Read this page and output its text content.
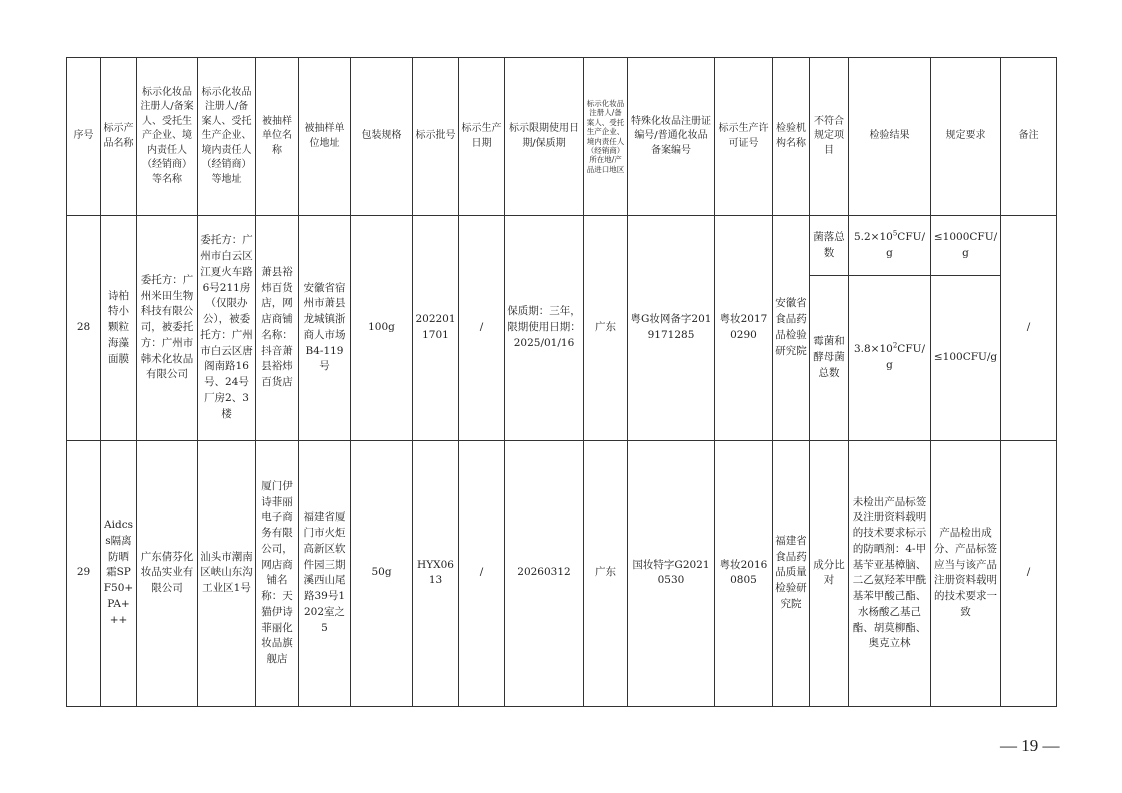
序号	标示产品名称	标示化妆品注册人/备案人、受托生产企业、境内责任人（经销商）等名称	标示化妆品注册人/备案人、受托生产企业、境内责任人（经销商）等地址	被抽样单位名称	被抽样单位地址	包装规格	标示批号	标示生产日期	标示限期使用日期/保质期	标示化妆品注册人/备案人、受托生产企业、境内责任人（经销商）所在地/产品进口地区	特殊化妆品注册证编号/普通化妆品备案编号	标示生产许可证号	检验机构名称	不符合规定项目	检验结果	规定要求	备注
28	诗柏特小颗粒海藻面膜	委托方：广州米田生物科技有限公司，被委托方：广州市韩术化妆品有限公司	委托方：广州市白云区江夏火车路6号211房（仅限办公），被委托方：广州市白云区唐阁南路16号、24号厂房2、3楼	萧县裕炜百货店，网店商铺名称：抖音萧县裕炜百货店	安徽省宿州市萧县龙城镇浙商人市场B4-119号	100g	2022011701	/	保质期：三年，限期使用日期：2025/01/16	广东	粤G妆网备字2019171285	粤妆20170290	安徽省食品药品检验研究院	菌落总数	$5.2\times 10^5CFU/g$	≤1000CFU/g	/
														霉菌和酵母菌总数	$3.8\times 10^2CFU/g$	≤100CFU/g	
29	Aidcss隔离防晒霜SPF50+PA+++	广东倩芬化妆品实业有限公司	汕头市潮南区峡山东沟工业区1号	厦门伊诗菲丽电子商务有限公司，网店商铺名称：天猫伊诗菲丽化妆品旗舰店	福建省厦门市火炬高新区软件园三期溪西山尾路39号1202室之5	50g	HYX0613	/	20260312	广东	国妆特字G20210530	粤妆20160805	福建省食品药品质量检验研究院	成分比对	未检出产品标签及注册资料载明的技术要求标示的防晒剂：4-甲基苄亚基樟脑、二乙氨羟苯甲酰基苯甲酸己酯、水杨酸乙基己酯、胡莫柳酯、奥克立林	产品检出成分、产品标签应当与该产品注册资料载明的技术要求一致	/
— 19 —
